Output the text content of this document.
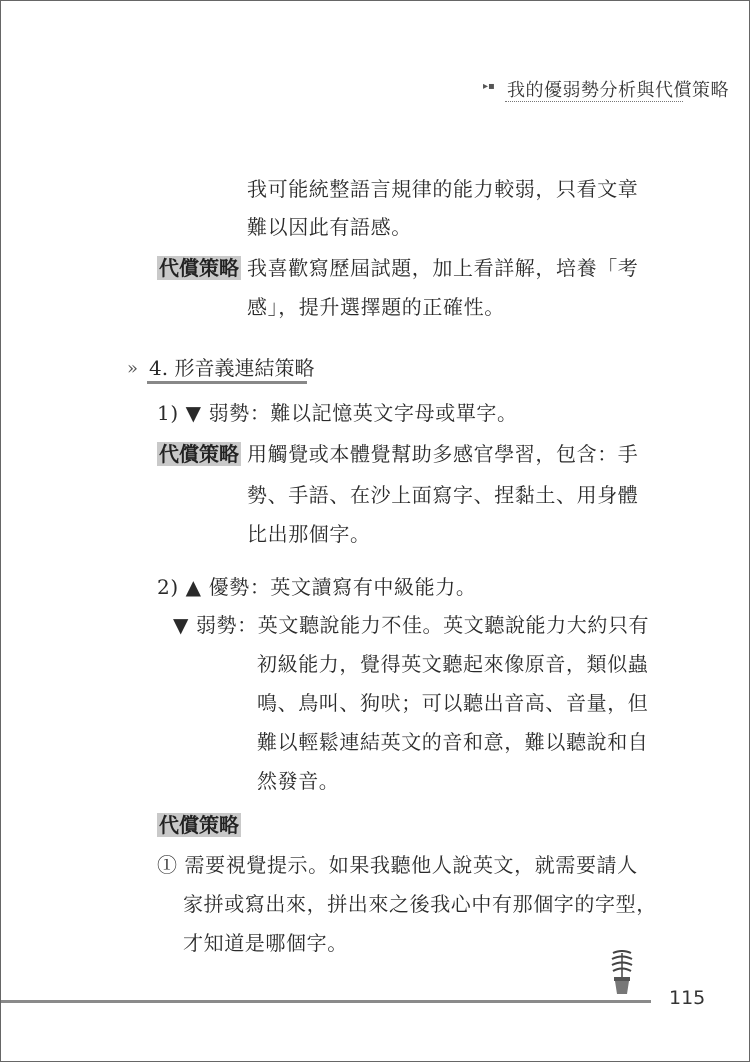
▸▪ 我的優弱勢分析與代償策略
我可能統整語言規律的能力較弱，只看文章
難以因此有語感。
代償策略 我喜歡寫歷屆試題，加上看詳解，培養「考
感」，提升選擇題的正確性。
» 4. 形音義連結策略
1) ▼ 弱勢：難以記憶英文字母或單字。
代償策略 用觸覺或本體覺幫助多感官學習，包含：手
勢、手語、在沙上面寫字、捏黏土、用身體
比出那個字。
2) ▲ 優勢：英文讀寫有中級能力。
▼ 弱勢：英文聽說能力不佳。英文聽說能力大約只有
初級能力，覺得英文聽起來像原音，類似蟲
鳴、鳥叫、狗吠；可以聽出音高、音量，但
難以輕鬆連結英文的音和意，難以聽說和自
然發音。
代償策略
① 需要視覺提示。如果我聽他人說英文，就需要請人
家拼或寫出來，拼出來之後我心中有那個字的字型，
才知道是哪個字。
115
